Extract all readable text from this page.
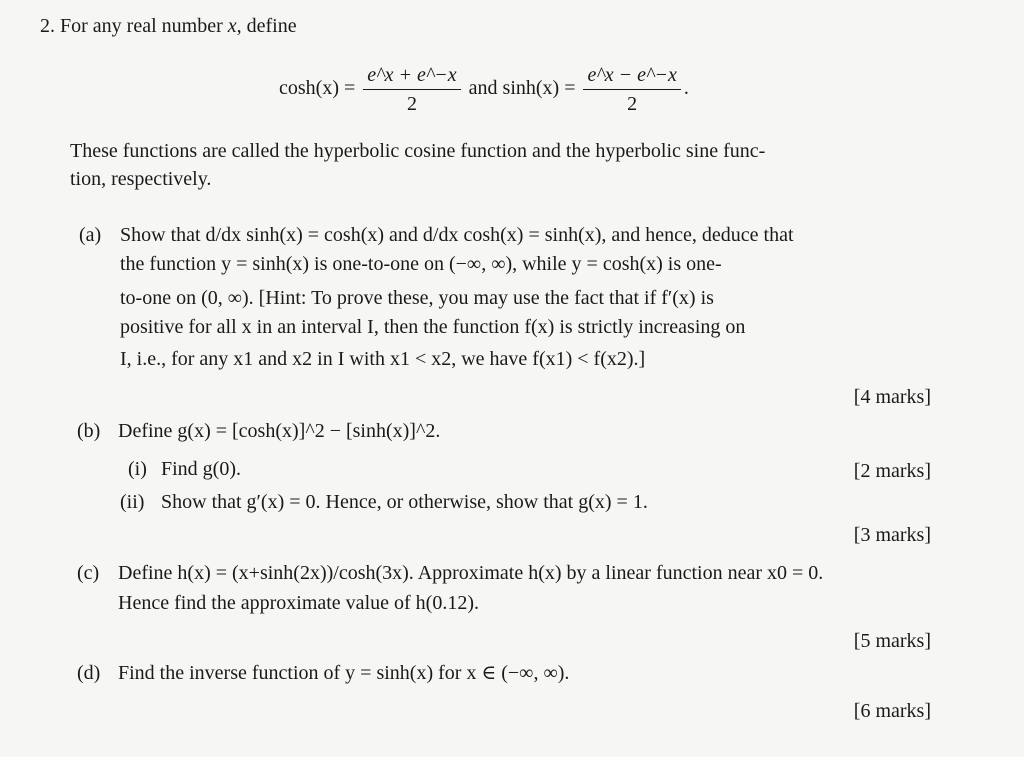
2. For any real number x, define
$\cosh(x) = \frac{e\^{}x + e\^{}-x}{2}$ and $\sinh(x) = \frac{e\^{}x - e\^{}-x}{2}$ .
These functions are called the hyperbolic cosine function and the hyperbolic sine func-
tion, respectively.
(a) Show that d/dx sinh(x) = cosh(x) and d/dx cosh(x) = sinh(x), and hence, deduce that
the function y = sinh(x) is one-to-one on (−∞, ∞), while y = cosh(x) is one-
to-one on (0, ∞). [Hint: To prove these, you may use the fact that if f′(x) is
positive for all x in an interval I, then the function f(x) is strictly increasing on
I, i.e., for any x1 and x2 in I with x1 < x2, we have f(x1) < f(x2).]
[4 marks]
(b) Define g(x) = [cosh(x)]^2 − [sinh(x)]^2.
(i) Find g(0).	[2 marks]
(ii) Show that g′(x) = 0. Hence, or otherwise, show that g(x) = 1.
[3 marks]
(c) Define h(x) = (x+sinh(2x))/cosh(3x). Approximate h(x) by a linear function near x0 = 0.
Hence find the approximate value of h(0.12).
[5 marks]
(d) Find the inverse function of y = sinh(x) for x ∈ (−∞, ∞).
[6 marks]
